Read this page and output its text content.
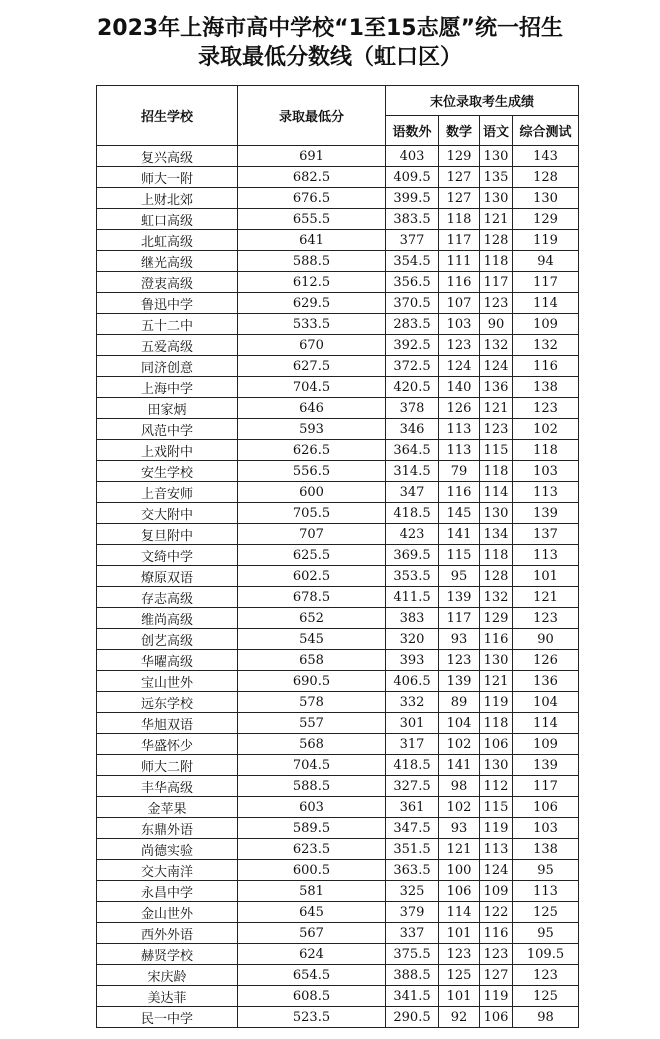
2023年上海市高中学校“1至15志愿”统一招生
录取最低分数线（虹口区）
招生学校	录取最低分	末位录取考生成绩			
		语数外	数学	语文	综合测试
复兴高级	691	403	129	130	143
师大一附	682.5	409.5	127	135	128
上财北郊	676.5	399.5	127	130	130
虹口高级	655.5	383.5	118	121	129
北虹高级	641	377	117	128	119
继光高级	588.5	354.5	111	118	94
澄衷高级	612.5	356.5	116	117	117
鲁迅中学	629.5	370.5	107	123	114
五十二中	533.5	283.5	103	90	109
五爱高级	670	392.5	123	132	132
同济创意	627.5	372.5	124	124	116
上海中学	704.5	420.5	140	136	138
田家炳	646	378	126	121	123
风范中学	593	346	113	123	102
上戏附中	626.5	364.5	113	115	118
安生学校	556.5	314.5	79	118	103
上音安师	600	347	116	114	113
交大附中	705.5	418.5	145	130	139
复旦附中	707	423	141	134	137
文绮中学	625.5	369.5	115	118	113
燎原双语	602.5	353.5	95	128	101
存志高级	678.5	411.5	139	132	121
维尚高级	652	383	117	129	123
创艺高级	545	320	93	116	90
华曜高级	658	393	123	130	126
宝山世外	690.5	406.5	139	121	136
远东学校	578	332	89	119	104
华旭双语	557	301	104	118	114
华盛怀少	568	317	102	106	109
师大二附	704.5	418.5	141	130	139
丰华高级	588.5	327.5	98	112	117
金苹果	603	361	102	115	106
东鼎外语	589.5	347.5	93	119	103
尚德实验	623.5	351.5	121	113	138
交大南洋	600.5	363.5	100	124	95
永昌中学	581	325	106	109	113
金山世外	645	379	114	122	125
西外外语	567	337	101	116	95
赫贤学校	624	375.5	123	123	109.5
宋庆龄	654.5	388.5	125	127	123
美达菲	608.5	341.5	101	119	125
民一中学	523.5	290.5	92	106	98
